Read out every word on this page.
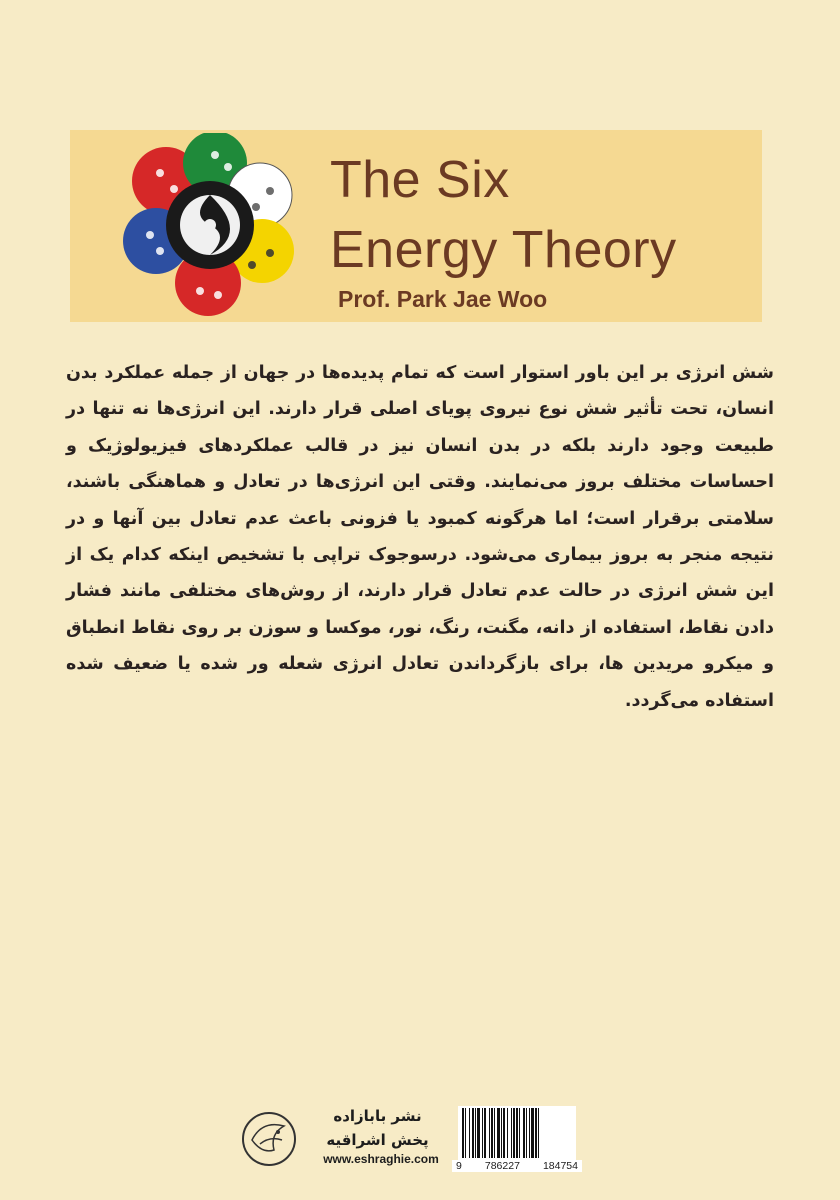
The Six
Energy Theory
Prof. Park Jae Woo
شش انرژی بر این باور استوار است که تمام پدیده‌ها در جهان از جمله عملکرد بدن انسان، تحت تأثیر شش نوع نیروی پویای اصلی قرار دارند. این انرژی‌ها نه تنها در طبیعت وجود دارند بلکه در بدن انسان نیز در قالب عملکردهای فیزیولوژیک و احساسات مختلف بروز می‌نمایند. وقتی این انرژی‌ها در تعادل و هماهنگی باشند، سلامتی برقرار است؛ اما هرگونه کمبود یا فزونی باعث عدم تعادل بین آنها و در نتیجه منجر به بروز بیماری می‌شود. درسوجوک تراپی با تشخیص اینکه کدام یک از این شش انرژی در حالت عدم تعادل قرار دارند، از روش‌های مختلفی مانند فشار دادن نقاط، استفاده از دانه، مگنت، رنگ، نور، موکسا و سوزن بر روی نقاط انطباق و میکرو مریدین ها، برای بازگرداندن تعادل انرژی شعله ور شده یا ضعیف شده استفاده می‌گردد.
نشر بابازاده
پخش اشراقیه
www.eshraghie.com	9 786227 184754
